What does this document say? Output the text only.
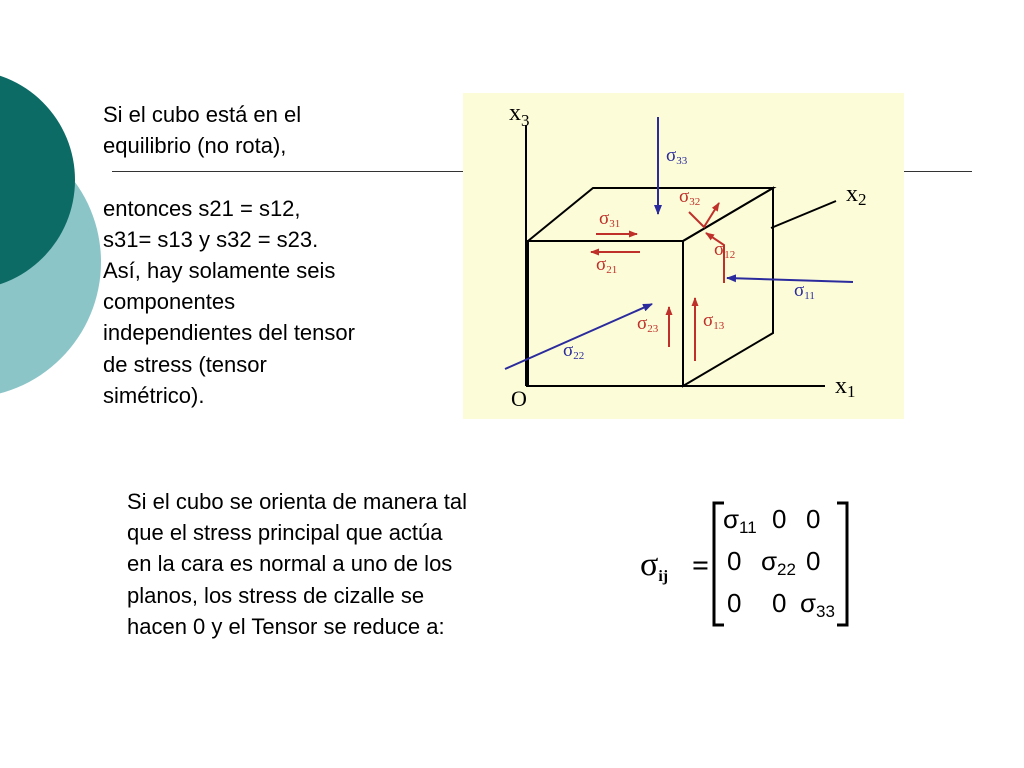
Si el cubo está en el
equilibrio (no rota),
entonces s21 = s12,
s31= s13 y s32 = s23.
Así, hay solamente seis
componentes
independientes del tensor
de stress (tensor
simétrico).

$x_3$
x2
x1
O
σ33
σ32
σ31
σ12
σ21
σ11
σ23 σ13
σ22

Si el cubo se orienta de manera tal
que el stress principal que actúa
en la cara es normal a uno de los
planos, los stress de cizalle se
hacen 0 y el Tensor se reduce a:

σij =
σ11 0 0
0 σ22 0
0 0 σ33
